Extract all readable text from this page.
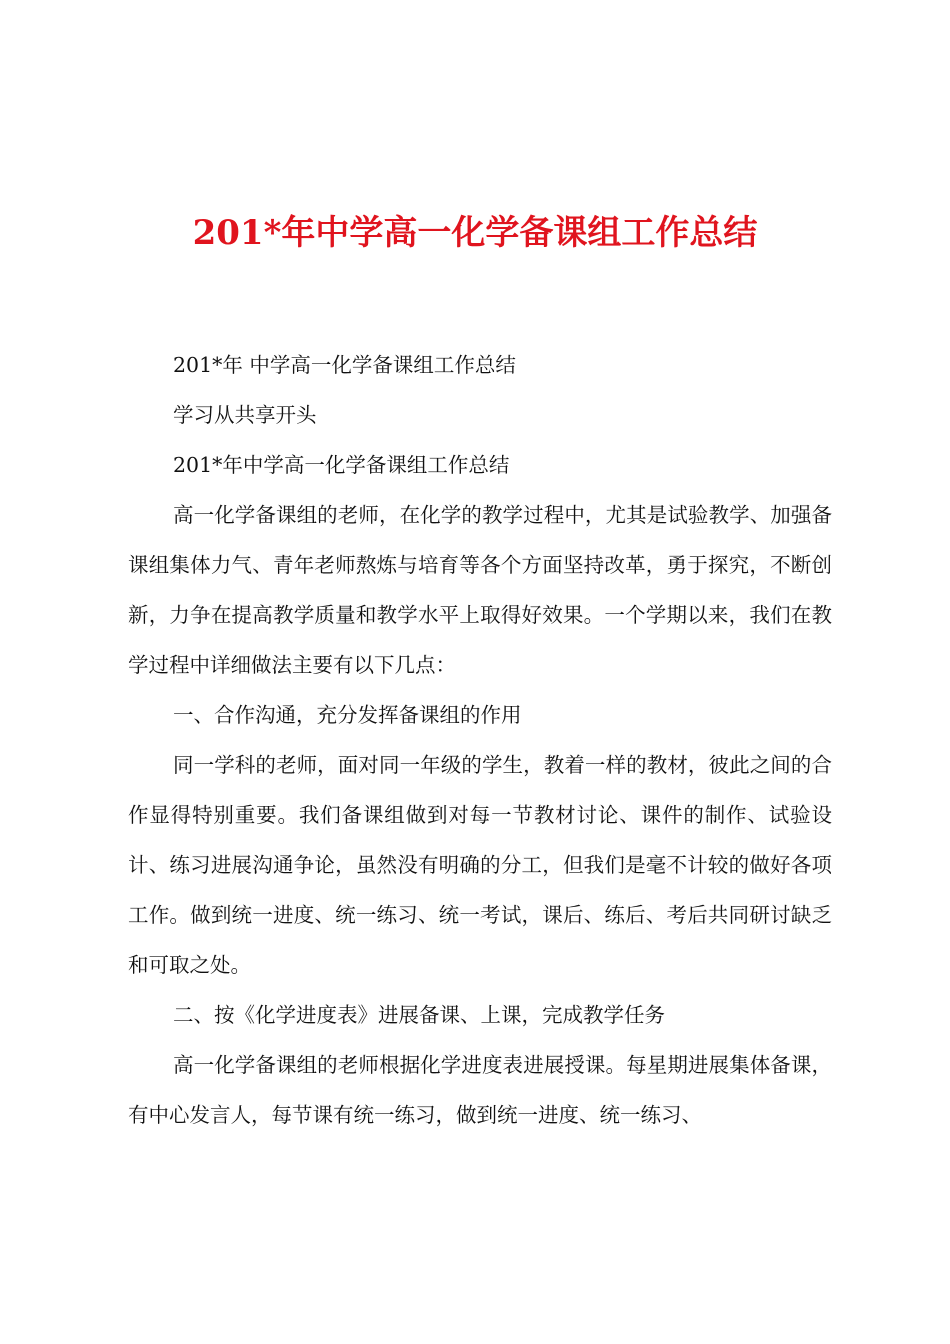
201*年中学高一化学备课组工作总结

201*年 中学高一化学备课组工作总结

学习从共享开头

201*年中学高一化学备课组工作总结

高一化学备课组的老师，在化学的教学过程中，尤其是试验教学、加强备课组集体力气、青年老师熬炼与培育等各个方面坚持改革，勇于探究，不断创新，力争在提高教学质量和教学水平上取得好效果。一个学期以来，我们在教学过程中详细做法主要有以下几点：

一、合作沟通，充分发挥备课组的作用

同一学科的老师，面对同一年级的学生，教着一样的教材，彼此之间的合作显得特别重要。我们备课组做到对每一节教材讨论、课件的制作、试验设计、练习进展沟通争论，虽然没有明确的分工，但我们是毫不计较的做好各项工作。做到统一进度、统一练习、统一考试，课后、练后、考后共同研讨缺乏和可取之处。

二、按《化学进度表》进展备课、上课，完成教学任务

高一化学备课组的老师根据化学进度表进展授课。每星期进展集体备课，有中心发言人，每节课有统一练习，做到统一进度、统一练习、
